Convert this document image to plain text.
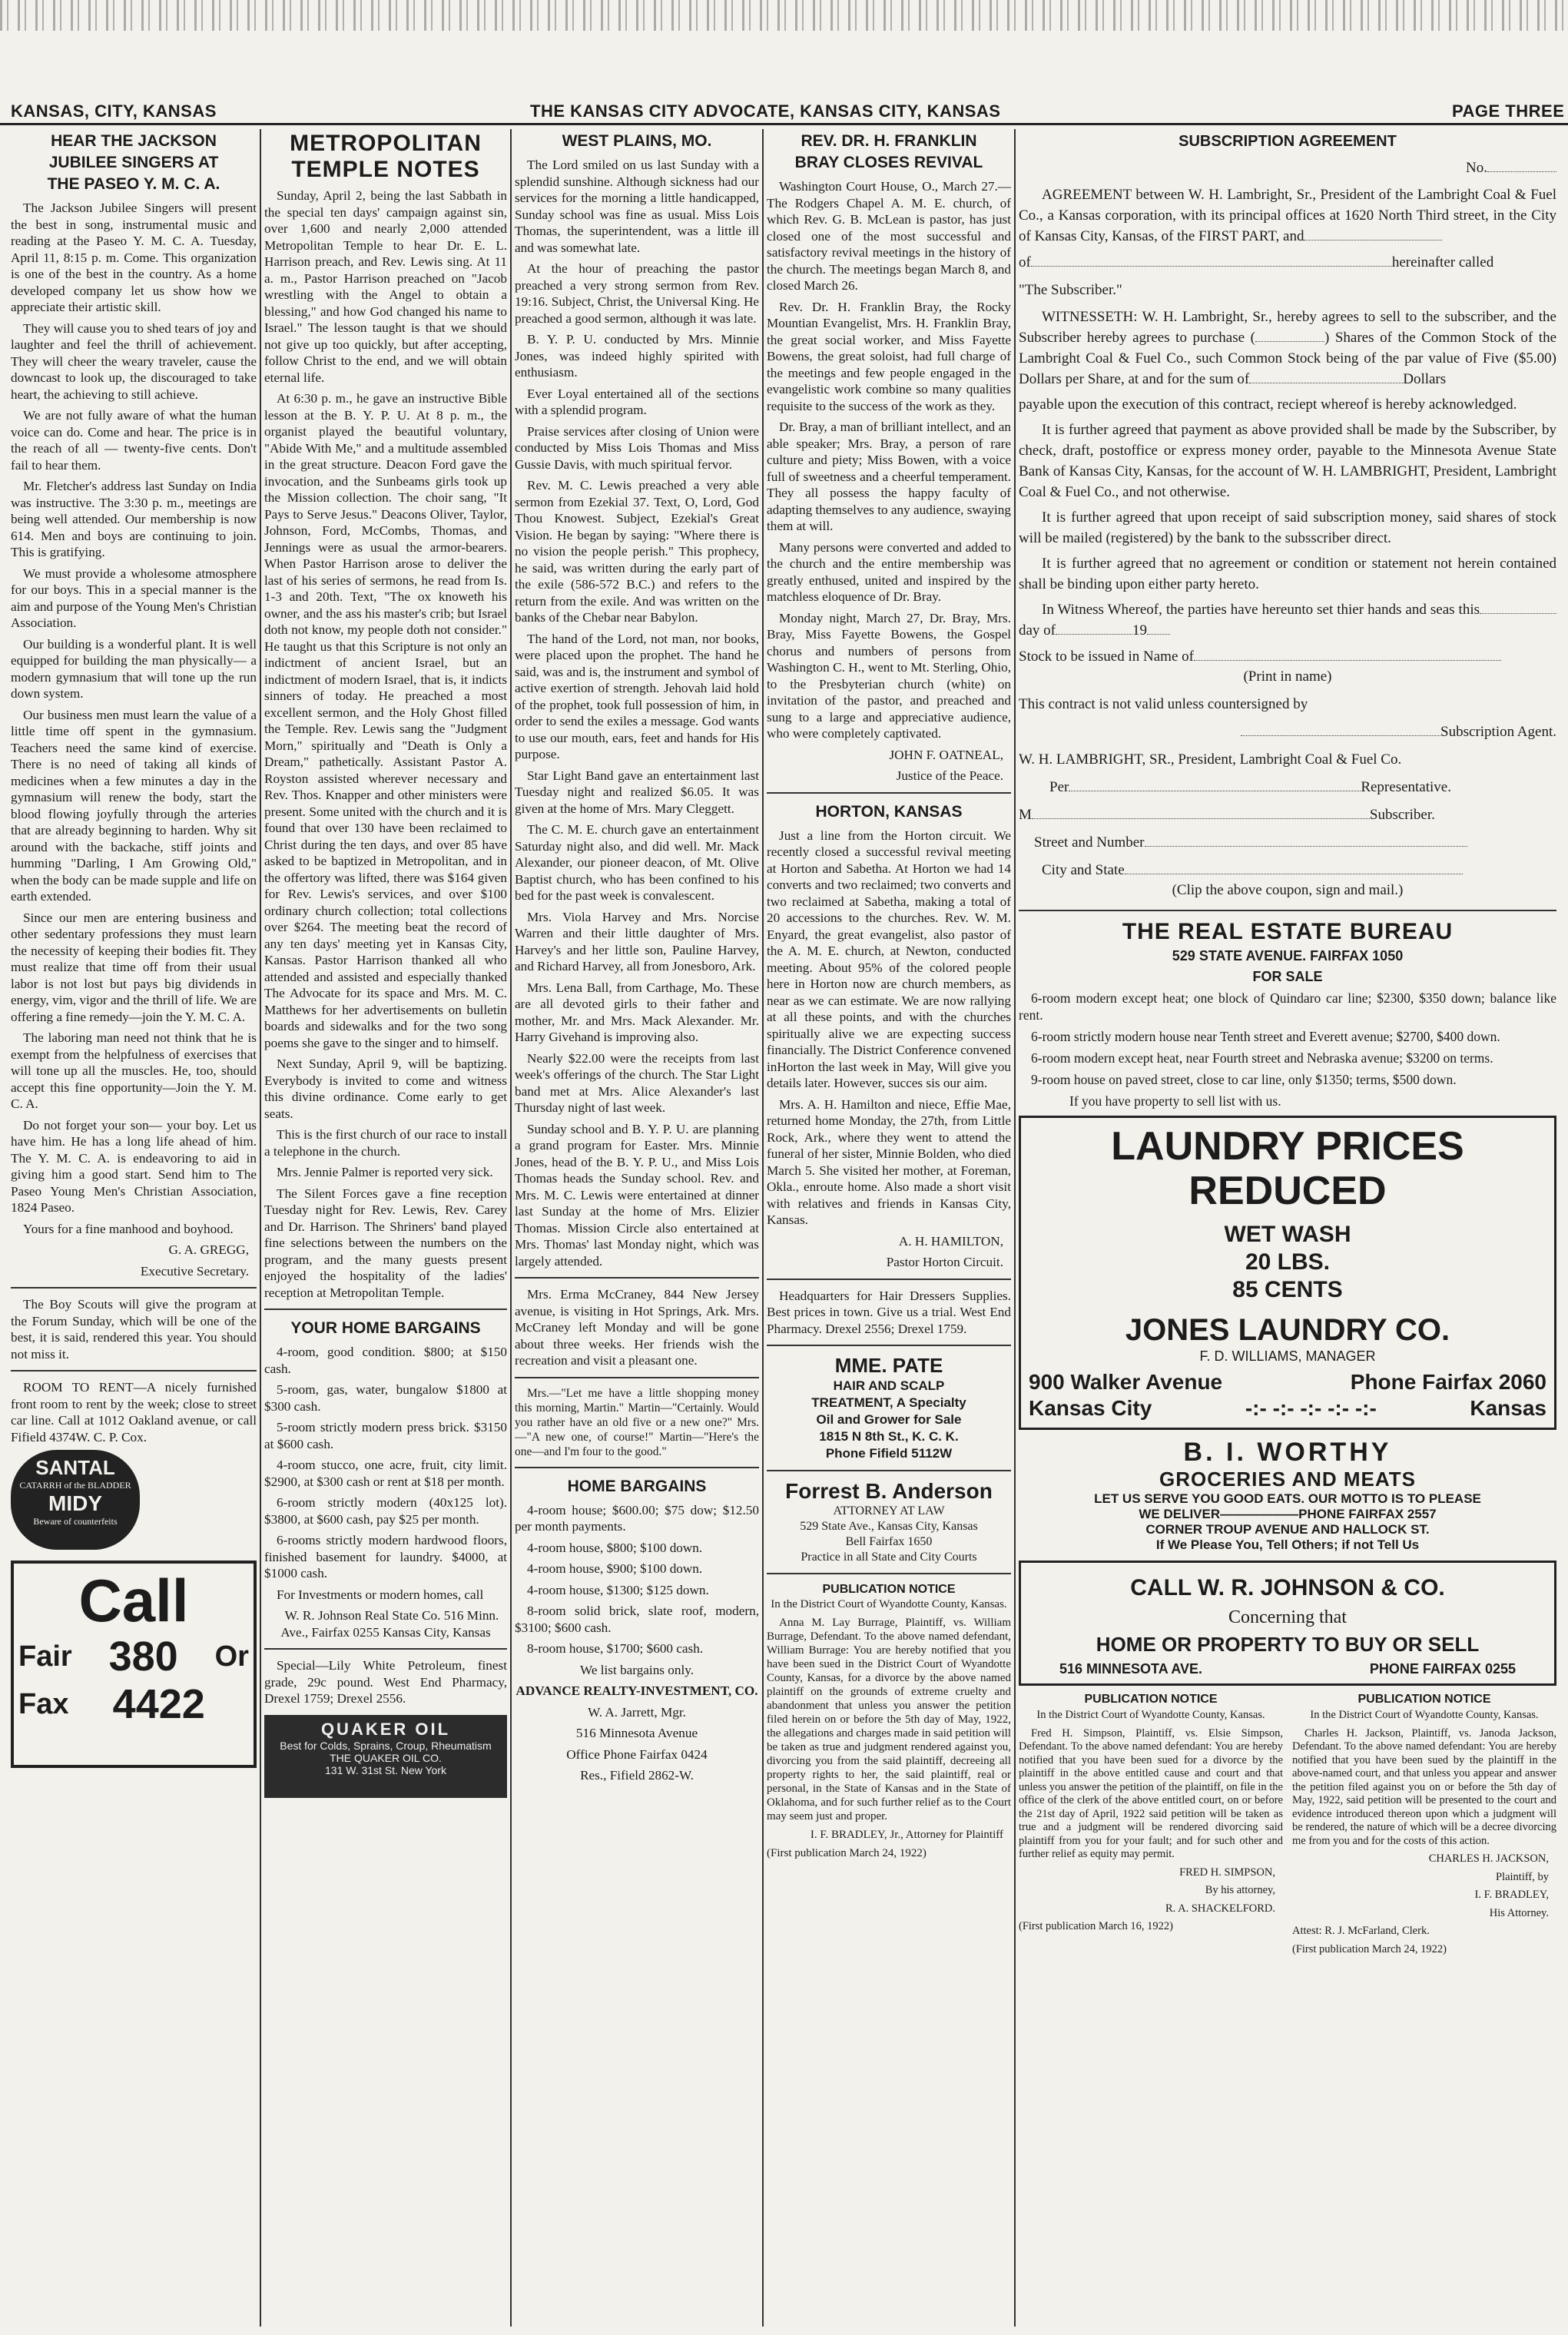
KANSAS, CITY, KANSAS	THE KANSAS CITY ADVOCATE, KANSAS CITY, KANSAS	PAGE THREE
HEAR THE JACKSON
JUBILEE SINGERS AT
THE PASEO Y. M. C. A.

The Jackson Jubilee Singers will present the best in song, instrumental music and reading at the Paseo Y. M. C. A. Tuesday, April 11, 8:15 p. m. Come. This organization is one of the best in the country. As a home developed company let us show how we appreciate their artistic skill.

They will cause you to shed tears of joy and laughter and feel the thrill of achievement. They will cheer the weary traveler, cause the downcast to look up, the discouraged to take heart, the achieving to still achieve.

We are not fully aware of what the human voice can do. Come and hear. The price is in the reach of all — twenty-five cents. Don't fail to hear them.

Mr. Fletcher's address last Sunday on India was instructive. The 3:30 p. m., meetings are being well attended. Our membership is now 614. Men and boys are continuing to join. This is gratifying.

We must provide a wholesome atmosphere for our boys. This in a special manner is the aim and purpose of the Young Men's Christian Association.

Our building is a wonderful plant. It is well equipped for building the man physically— a modern gymnasium that will tone up the run down system.

Our business men must learn the value of a little time off spent in the gymnasium. Teachers need the same kind of exercise. There is no need of taking all kinds of medicines when a few minutes a day in the gymnasium will renew the body, start the blood flowing joyfully through the arteries that are already beginning to harden. Why sit around with the backache, stiff joints and humming "Darling, I Am Growing Old," when the body can be made supple and life on earth extended.

Since our men are entering business and other sedentary professions they must learn the necessity of keeping their bodies fit. They must realize that time off from their usual labor is not lost but pays big dividends in energy, vim, vigor and the thrill of life. We are offering a fine remedy—join the Y. M. C. A.

The laboring man need not think that he is exempt from the helpfulness of exercises that will tone up all the muscles. He, too, should accept this fine opportunity—Join the Y. M. C. A.

Do not forget your son— your boy. Let us have him. He has a long life ahead of him. The Y. M. C. A. is endeavoring to aid in giving him a good start. Send him to The Paseo Young Men's Christian Association, 1824 Paseo.

Yours for a fine manhood and boyhood.

G. A. GREGG,
Executive Secretary.

The Boy Scouts will give the program at the Forum Sunday, which will be one of the best, it is said, rendered this year. You should not miss it.

ROOM TO RENT—A nicely furnished front room to rent by the week; close to street car line. Call at 1012 Oakland avenue, or call Fifield 4374W. C. P. Cox.

SANTAL
CATARRH of the BLADDER
MIDY
Beware of counterfeits
Call
Fair 380 Or
Fax 4422
METROPOLITAN
TEMPLE NOTES

Sunday, April 2, being the last Sabbath in the special ten days' campaign against sin, over 1,600 and nearly 2,000 attended Metropolitan Temple to hear Dr. E. L. Harrison preach, and Rev. Lewis sing. At 11 a. m., Pastor Harrison preached on "Jacob wrestling with the Angel to obtain a blessing," and how God changed his name to Israel." The lesson taught is that we should not give up too quickly, but after accepting, follow Christ to the end, and we will obtain eternal life.

At 6:30 p. m., he gave an instructive Bible lesson at the B. Y. P. U. At 8 p. m., the organist played the beautiful voluntary, "Abide With Me," and a multitude assembled in the great structure. Deacon Ford gave the invocation, and the Sunbeams girls took up the Mission collection. The choir sang, "It Pays to Serve Jesus." Deacons Oliver, Taylor, Johnson, Ford, McCombs, Thomas, and Jennings were as usual the armor-bearers. When Pastor Harrison arose to deliver the last of his series of sermons, he read from Is. 1-3 and 20th. Text, "The ox knoweth his owner, and the ass his master's crib; but Israel doth not know, my people doth not consider." He taught us that this Scripture is not only an indictment of ancient Israel, but an indictment of modern Israel, that is, it indicts sinners of today. He preached a most excellent sermon, and the Holy Ghost filled the Temple. Rev. Lewis sang the "Judgment Morn," spiritually and "Death is Only a Dream," pathetically. Assistant Pastor A. Royston assisted wherever necessary and Rev. Thos. Knapper and other ministers were present. Some united with the church and it is found that over 130 have been reclaimed to Christ during the ten days, and over 85 have asked to be baptized in Metropolitan, and in the offertory was lifted, there was $164 given for Rev. Lewis's services, and over $100 ordinary church collection; total collections over $264. The meeting beat the record of any ten days' meeting yet in Kansas City, Kansas. Pastor Harrison thanked all who attended and assisted and especially thanked The Advocate for its space and Mrs. M. C. Matthews for her advertisements on bulletin boards and sidewalks and for the two song poems she gave to the singer and to himself.

Next Sunday, April 9, will be baptizing. Everybody is invited to come and witness this divine ordinance. Come early to get seats.

This is the first church of our race to install a telephone in the church.

Mrs. Jennie Palmer is reported very sick.

The Silent Forces gave a fine reception Tuesday night for Rev. Lewis, Rev. Carey and Dr. Harrison. The Shriners' band played fine selections between the numbers on the program, and the many guests present enjoyed the hospitality of the ladies' reception at Metropolitan Temple.

YOUR HOME BARGAINS

4-room, good condition. $800; at $150 cash.

5-room, gas, water, bungalow $1800 at $300 cash.

5-room strictly modern press brick. $3150 at $600 cash.

4-room stucco, one acre, fruit, city limit. $2900, at $300 cash or rent at $18 per month.

6-room strictly modern (40x125 lot). $3800, at $600 cash, pay $25 per month.

6-rooms strictly modern hardwood floors, finished basement for laundry. $4000, at $1000 cash.

For Investments or modern homes, call

W. R. Johnson Real State Co. 516 Minn. Ave., Fairfax 0255 Kansas City, Kansas

Special—Lily White Petroleum, finest grade, 29c pound. West End Pharmacy, Drexel 1759; Drexel 2556.

QUAKER OIL
Best for Colds, Sprains, Croup, Rheumatism
THE QUAKER OIL CO.
131 W. 31st St. New York
WEST PLAINS, MO.

The Lord smiled on us last Sunday with a splendid sunshine. Although sickness had our services for the morning a little handicapped, Sunday school was fine as usual. Miss Lois Thomas, the superintendent, was a little ill and was somewhat late.

At the hour of preaching the pastor preached a very strong sermon from Rev. 19:16. Subject, Christ, the Universal King. He preached a good sermon, although it was late.

B. Y. P. U. conducted by Mrs. Minnie Jones, was indeed highly spirited with enthusiasm.

Ever Loyal entertained all of the sections with a splendid program.

Praise services after closing of Union were conducted by Miss Lois Thomas and Miss Gussie Davis, with much spiritual fervor.

Rev. M. C. Lewis preached a very able sermon from Ezekial 37. Text, O, Lord, God Thou Knowest. Subject, Ezekial's Great Vision. He began by saying: "Where there is no vision the people perish." This prophecy, he said, was written during the early part of the exile (586-572 B.C.) and refers to the return from the exile. And was written on the banks of the Chebar near Babylon.

The hand of the Lord, not man, nor books, were placed upon the prophet. The hand he said, was and is, the instrument and symbol of active exertion of strength. Jehovah laid hold of the prophet, took full possession of him, in order to send the exiles a message. God wants to use our mouth, ears, feet and hands for His purpose.

Star Light Band gave an entertainment last Tuesday night and realized $6.05. It was given at the home of Mrs. Mary Cleggett.

The C. M. E. church gave an entertainment Saturday night also, and did well. Mr. Mack Alexander, our pioneer deacon, of Mt. Olive Baptist church, who has been confined to his bed for the past week is convalescent.

Mrs. Viola Harvey and Mrs. Norcise Warren and their little daughter of Mrs. Harvey's and her little son, Pauline Harvey, and Richard Harvey, all from Jonesboro, Ark.

Mrs. Lena Ball, from Carthage, Mo. These are all devoted girls to their father and mother, Mr. and Mrs. Mack Alexander. Mr. Harry Givehand is improving also.

Nearly $22.00 were the receipts from last week's offerings of the church. The Star Light band met at Mrs. Alice Alexander's last Thursday night of last week.

Sunday school and B. Y. P. U. are planning a grand program for Easter. Mrs. Minnie Jones, head of the B. Y. P. U., and Miss Lois Thomas heads the Sunday school. Rev. and Mrs. M. C. Lewis were entertained at dinner last Sunday at the home of Mrs. Elizier Thomas. Mission Circle also entertained at Mrs. Thomas' last Monday night, which was largely attended.

Mrs. Erma McCraney, 844 New Jersey avenue, is visiting in Hot Springs, Ark. Mrs. McCraney left Monday and will be gone about three weeks. Her friends wish the recreation and visit a pleasant one.

Mrs.—"Let me have a little shopping money this morning, Martin." Martin—"Certainly. Would you rather have an old five or a new one?" Mrs.—"A new one, of course!" Martin—"Here's the one—and I'm four to the good."

HOME BARGAINS

4-room house; $600.00; $75 dow; $12.50 per month payments.

4-room house, $800; $100 down.

4-room house, $900; $100 down.

4-room house, $1300; $125 down.

8-room solid brick, slate roof, modern, $3100; $600 cash.

8-room house, $1700; $600 cash.

We list bargains only.
ADVANCE REALTY-INVESTMENT, CO.
W. A. Jarrett, Mgr.
516 Minnesota Avenue
Office Phone Fairfax 0424
Res., Fifield 2862-W.
REV. DR. H. FRANKLIN
BRAY CLOSES REVIVAL

Washington Court House, O., March 27.—The Rodgers Chapel A. M. E. church, of which Rev. G. B. McLean is pastor, has just closed one of the most successful and satisfactory revival meetings in the history of the church. The meetings began March 8, and closed March 26.

Rev. Dr. H. Franklin Bray, the Rocky Mountian Evangelist, Mrs. H. Franklin Bray, the great social worker, and Miss Fayette Bowens, the great soloist, had full charge of the meetings and few people engaged in the evangelistic work combine so many qualities requisite to the success of the work as they.

Dr. Bray, a man of brilliant intellect, and an able speaker; Mrs. Bray, a person of rare culture and piety; Miss Bowen, with a voice full of sweetness and a cheerful temperament. They all possess the happy faculty of adapting themselves to any audience, swaying them at will.

Many persons were converted and added to the church and the entire membership was greatly enthused, united and inspired by the matchless eloquence of Dr. Bray.

Monday night, March 27, Dr. Bray, Mrs. Bray, Miss Fayette Bowens, the Gospel chorus and numbers of persons from Washington C. H., went to Mt. Sterling, Ohio, to the Presbyterian church (white) on invitation of the pastor, and preached and sung to a large and appreciative audience, who were completely captivated.

JOHN F. OATNEAL,
Justice of the Peace.
HORTON, KANSAS

Just a line from the Horton circuit. We recently closed a successful revival meeting at Horton and Sabetha. At Horton we had 14 converts and two reclaimed; two converts and two reclaimed at Sabetha, making a total of 20 accessions to the churches. Rev. W. M. Enyard, the great evangelist, also pastor of the A. M. E. church, at Newton, conducted meeting. About 95% of the colored people here in Horton now are church members, as near as we can estimate. We are now rallying at all these points, and with the churches spiritually alive we are expecting success financially. The District Conference convened inHorton the last week in May, Will give you details later. However, succes sis our aim.

Mrs. A. H. Hamilton and niece, Effie Mae, returned home Monday, the 27th, from Little Rock, Ark., where they went to attend the funeral of her sister, Minnie Bolden, who died March 5. She visited her mother, at Foreman, Okla., enroute home. Also made a short visit with relatives and friends in Kansas City, Kansas.

A. H. HAMILTON,
Pastor Horton Circuit.

Headquarters for Hair Dressers Supplies. Best prices in town. Give us a trial. West End Pharmacy. Drexel 2556; Drexel 1759.

MME. PATE
HAIR AND SCALP
TREATMENT, A Specialty
Oil and Grower for Sale
1815 N 8th St., K. C. K.
Phone Fifield 5112W
Forrest B. Anderson
ATTORNEY AT LAW
529 State Ave., Kansas City, Kansas
Bell Fairfax 1650
Practice in all State and City Courts
PUBLICATION NOTICE

In the District Court of Wyandotte County, Kansas.

Anna M. Lay Burrage, Plaintiff, vs. William Burrage, Defendant. To the above named defendant, William Burrage: You are hereby notified that you have been sued in the District Court of Wyandotte County, Kansas, for a divorce by the above named plaintiff on the grounds of extreme cruelty and abandonment that unless you answer the petition filed herein on or before the 5th day of May, 1922, the allegations and charges made in said petition will be taken as true and judgment rendered against you, divorcing you from the said plaintiff, decreeing all property rights to her, the said plaintiff, real or personal, in the State of Kansas and in the State of Oklahoma, and for such further relief as to the Court may seem just and proper.

I. F. BRADLEY, Jr., Attorney for Plaintiff

(First publication March 24, 1922)

SUBSCRIPTION AGREEMENT
No.

AGREEMENT between W. H. Lambright, Sr., President of the Lambright Coal & Fuel Co., a Kansas corporation, with its principal offices at 1620 North Third street, in the City of Kansas City, Kansas, of the FIRST PART, and

of	hereinafter called
"The Subscriber."

WITNESSETH: W. H. Lambright, Sr., hereby agrees to sell to the subscriber, and the Subscriber hereby agrees to purchase (	) Shares of the Common Stock of the Lambright Coal & Fuel Co., such Common Stock being of the par value of Five ($5.00) Dollars per Share, at and for the sum of	Dollars

payable upon the execution of this contract, reciept whereof is hereby acknowledged.

It is further agreed that payment as above provided shall be made by the Subscriber, by check, draft, postoffice or express money order, payable to the Minnesota Avenue State Bank of Kansas City, Kansas, for the account of W. H. LAMBRIGHT, President, Lambright Coal & Fuel Co., and not otherwise.

It is further agreed that upon receipt of said subscription money, said shares of stock will be mailed (registered) by the bank to the subsscriber direct.

It is further agreed that no agreement or condition or statement not herein contained shall be binding upon either party hereto.

In Witness Whereof, the parties have hereunto set thier hands and seas thisday of	19

Stock to be issued in Name of
(Print in name)
This contract is not valid unless countersigned by
Subscription Agent.
W. H. LAMBRIGHT, SR., President, Lambright Coal & Fuel Co.
Per	Representative.
M	Subscriber.
Street and Number
City and State
(Clip the above coupon, sign and mail.)
THE REAL ESTATE BUREAU
529 STATE AVENUE. FAIRFAX 1050
FOR SALE

6-room modern except heat; one block of Quindaro car line; $2300, $350 down; balance like rent.

6-room strictly modern house near Tenth street and Everett avenue; $2700, $400 down.

6-room modern except heat, near Fourth street and Nebraska avenue; $3200 on terms.

9-room house on paved street, close to car line, only $1350; terms, $500 down.

If you have property to sell list with us.

LAUNDRY PRICES
REDUCED
WET WASH
20 LBS.
85 CENTS
JONES LAUNDRY CO.
F. D. WILLIAMS, MANAGER
900 Walker Avenue	Phone Fairfax 2060
Kansas City	-:- -:- -:- -:- -:-	Kansas
B. I. WORTHY
GROCERIES AND MEATS
LET US SERVE YOU GOOD EATS. OUR MOTTO IS TO PLEASE
WE DELIVER——————PHONE FAIRFAX 2557
CORNER TROUP AVENUE AND HALLOCK ST.
If We Please You, Tell Others; if not Tell Us
CALL W. R. JOHNSON & CO.
Concerning that
HOME OR PROPERTY TO BUY OR SELL
516 MINNESOTA AVE.	PHONE FAIRFAX 0255
PUBLICATION NOTICE

In the District Court of Wyandotte County, Kansas.

Fred H. Simpson, Plaintiff, vs. Elsie Simpson, Defendant. To the above named defendant: You are hereby notified that you have been sued for a divorce by the plaintiff in the above entitled cause and court and that unless you answer the petition of the plaintiff, on file in the office of the clerk of the above entitled court, on or before the 21st day of April, 1922 said petition will be taken as true and a judgment will be rendered divorcing said plaintiff from you for your fault; and for such other and further relief as equity may permit.

FRED H. SIMPSON,

By his attorney,

R. A. SHACKELFORD.

(First publication March 16, 1922)

PUBLICATION NOTICE

In the District Court of Wyandotte County, Kansas.

Charles H. Jackson, Plaintiff, vs. Janoda Jackson, Defendant. To the above named defendant: You are hereby notified that you have been sued by the plaintiff in the above-named court, and that unless you appear and answer the petition filed against you on or before the 5th day of May, 1922, said petition will be presented to the court and evidence introduced thereon upon which a judgment will be rendered, the nature of which will be a decree divorcing me from you and for the costs of this action.

CHARLES H. JACKSON,

Plaintiff, by

I. F. BRADLEY,

His Attorney.

Attest: R. J. McFarland, Clerk.

(First publication March 24, 1922)
